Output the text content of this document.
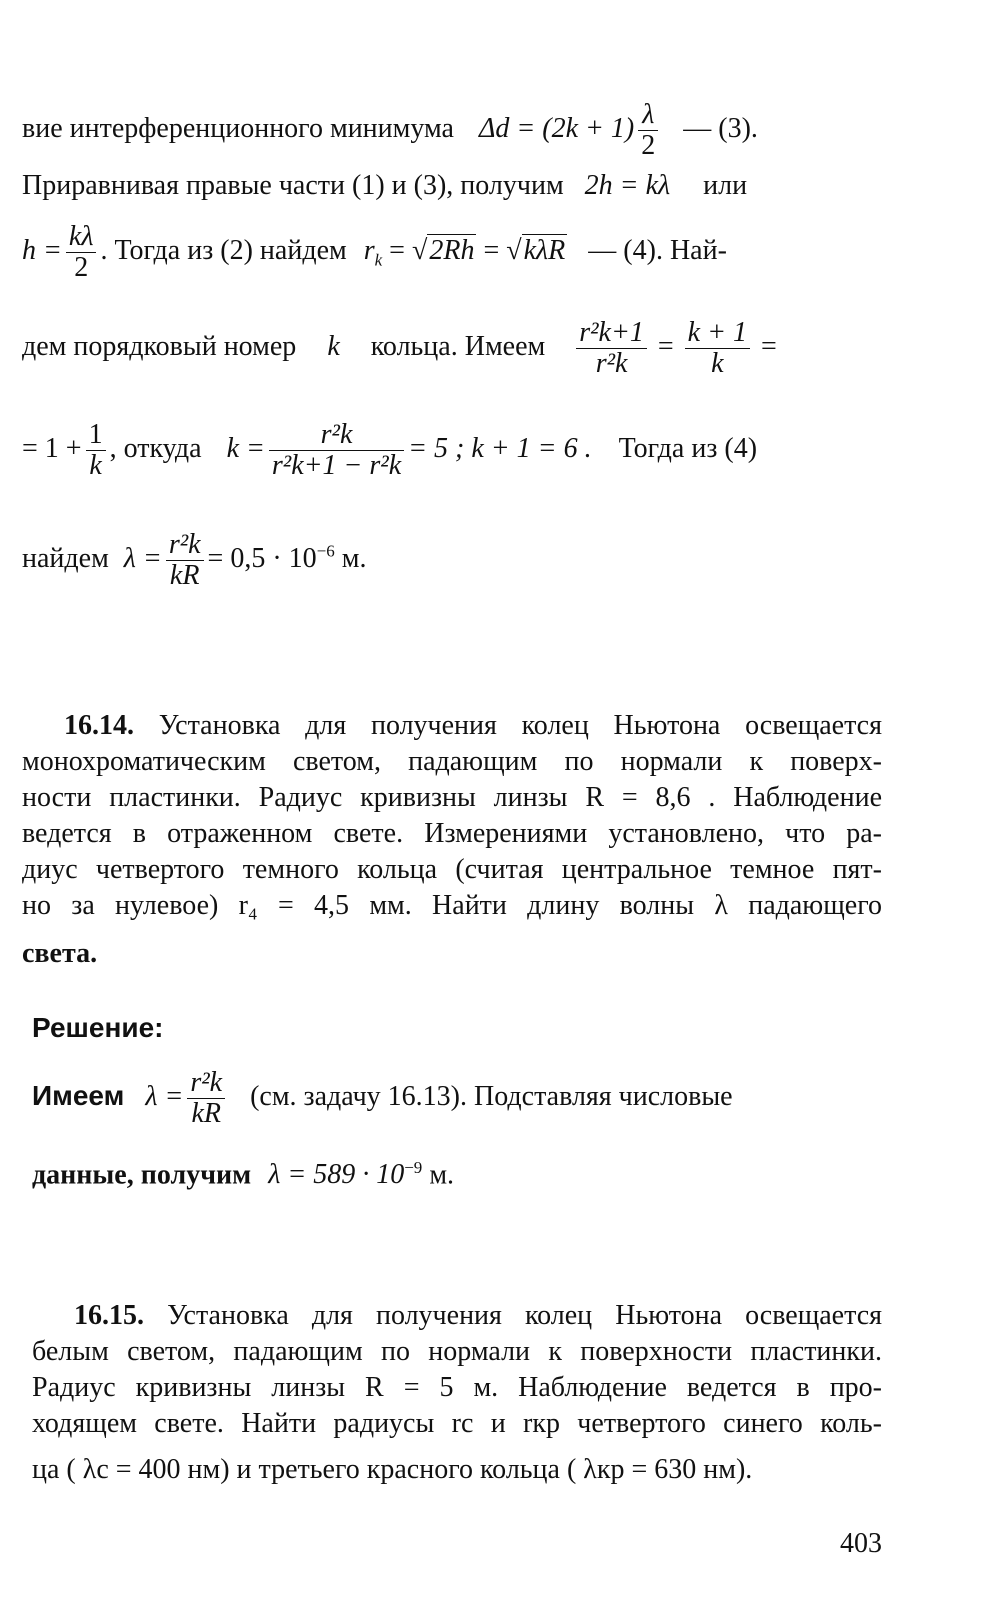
вие интерференционного минимума $\Delta d = (2k + 1) \frac{\lambda}{2}$ — (3).
Приравнивая правые части (1) и (3), получим 2h = kλ или
$h = \frac{k\lambda}{2}$ . Тогда из (2) найдем $r_k = √2Rh = √k\lambda R$ — (4). Най-
дем порядковый номер k кольца. Имеем $\frac{\text{r²k+1}}{\text{r²k}} = \frac{k + 1}{k}$ =
= $1 + \frac{1}{k}$ , откуда $k = \frac{\text{r²k}}{\text{r²k+1 − r²k}} = 5$ ; k + 1 = 6 . Тогда из (4)
найдем $\lambda = \frac{\text{r²k}}{kR} = 0,5 \cdot 10^{-6}$ м.
16.14. Установка для получения колец Ньютона освещается
монохроматическим светом, падающим по нормали к поверх-
ности пластинки. Радиус кривизны линзы R = 8,6 . Наблюдение
ведется в отраженном свете. Измерениями установлено, что ра-
диус четвертого темного кольца (считая центральное темное пят-
но за нулевое) r₄ = 4,5 мм. Найти длину волны λ падающего
света.
Решение:
Имеем $\lambda = \frac{\text{r²k}}{kR} (см$. задачу 16.13). Подставляя числовые
данные, получим $\lambda = 589 \cdot 10^{-9}$ м.
16.15. Установка для получения колец Ньютона освещается
белым светом, падающим по нормали к поверхности пластинки.
Радиус кривизны линзы R = 5 м. Наблюдение ведется в про-
ходящем свете. Найти радиусы rс и rкр четвертого синего коль-
ца ( λс = 400 нм) и третьего красного кольца ( λкр = 630 нм).
403
